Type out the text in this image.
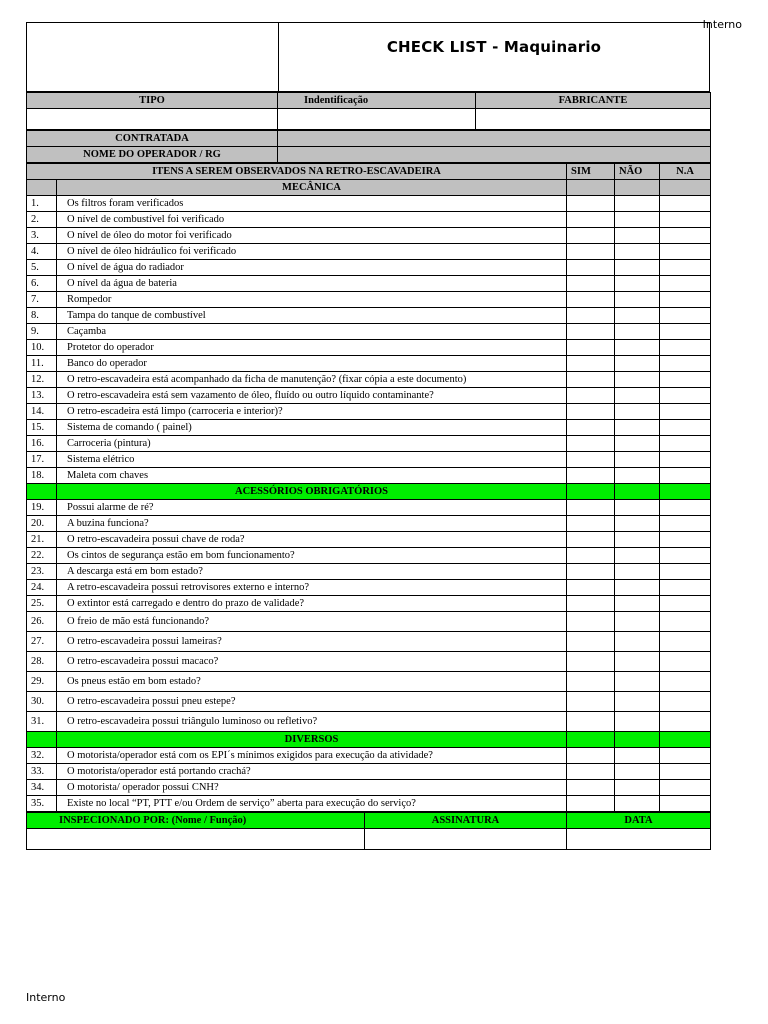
Interno
CHECK LIST - Maquinario
TIPO	Indentificação	FABRICANTE

CONTRATADA	
NOME DO OPERADOR / RG	
ITENS A SEREM OBSERVADOS NA RETRO-ESCAVADEIRA		SIM	NÃO	N.A
	MECÂNICA			
1.	Os filtros foram verificados			
2.	O nível de combustível foi verificado			
3.	O nível de óleo do motor foi verificado			
4.	O nível de óleo hidráulico foi verificado			
5.	O nível de água do radiador			
6.	O nível da água de bateria			
7.	Rompedor			
8.	Tampa do tanque de combustível			
9.	Caçamba			
10.	Protetor do operador			
11.	Banco do operador			
12.	O retro-escavadeira está acompanhado da ficha de manutenção? (fixar cópia a este documento)			
13.	O retro-escavadeira está sem vazamento de óleo, fluído ou outro líquido contaminante?			
14.	O retro-escadeira está limpo (carroceria e interior)?			
15.	Sistema de comando ( painel)			
16.	Carroceria (pintura)			
17.	Sistema elétrico			
18.	Maleta com chaves			
	ACESSÓRIOS OBRIGATÓRIOS			
19.	Possui alarme de ré?			
20.	A buzina funciona?			
21.	O retro-escavadeira possui chave de roda?			
22.	Os cintos de segurança estão em bom funcionamento?			
23.	A descarga está em bom estado?			
24.	A retro-escavadeira possui retrovisores externo e interno?			
25.	O extintor está carregado e dentro do prazo de validade?			
26.	O freio de mão está funcionando?			
27.	O retro-escavadeira possui lameiras?			
28.	O retro-escavadeira possui macaco?			
29.	Os pneus estão em bom estado?			
30.	O retro-escavadeira possui pneu estepe?			
31.	O retro-escavadeira possui triângulo luminoso ou refletivo?			
	DIVERSOS			
32.	O motorista/operador está com os EPI´s mínimos exigidos para execução da atividade?			
33.	O motorista/operador está portando crachá?			
34.	O motorista/ operador possui CNH?			
35.	Existe no local “PT, PTT e/ou Ordem de serviço” aberta para execução do serviço?			
INSPECIONADO POR: (Nome / Função)	ASSINATURA	DATA

Interno
